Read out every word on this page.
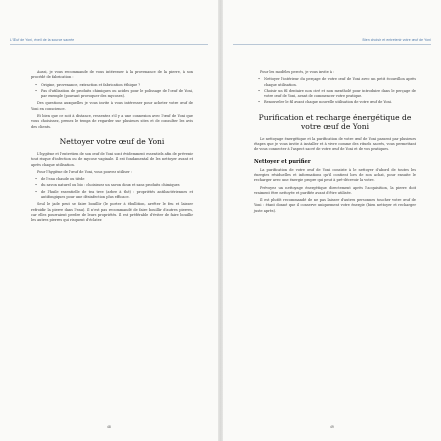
L'Œuf de Yoni, éveil de la source sacrée

Aussi, je vous recommande de vous intéresser à la provenance de la pierre, à son procédé de fabrication :

• Origine, provenance, extraction et fabrication éthique ?
• Pas d'utilisation de produits chimiques ou acides pour le polissage de l'œuf de Yoni, par exemple (pouvant provoquer des mycoses).

Des questions auxquelles je vous invite à vous intéresser pour acheter votre œuf de Yoni en conscience.

Et bien que ce soit à distance, ressentez s'il y a une connexion avec l'œuf de Yoni que vous choisissez, prenez le temps de regarder sur plusieurs sites et de consulter les avis des clients.

Nettoyer votre œuf de Yoni

L'hygiène et l'entretien de son œuf de Yoni sont évidemment essentiels afin de prévenir tout risque d'infection ou de mycose vaginale. Il est fondamental de les nettoyer avant et après chaque utilisation.

Pour l'hygiène de l'œuf de Yoni, vous pouvez utiliser :

• de l'eau chaude ou tiède
• du savon naturel ou bio : choisissez un savon doux et sans produits chimiques
• de l'huile essentielle de tea tree (arbre à thé) : propriétés antibactériennes et antifongiques pour une désinfection plus efficace.

Seul le jade peut se faire bouillir (le porter à ébullition, arrêter le feu et laisser refroidir la pierre dans l'eau). Il n'est pas recommandé de faire bouillir d'autres pierres, car elles pourraient perdre de leurs propriétés. Il est préférable d'éviter de faire bouillir les autres pierres qui risquent d'éclater.

48
Bien choisir et entretenir votre œuf de Yoni

Pour les modèles percés, je vous invite à :

• Nettoyer l'intérieur du perçage de votre œuf de Yoni avec un petit écouvillon après chaque utilisation.
• Choisir un fil dentaire non ciré et non mentholé pour introduire dans le perçage de votre œuf de Yoni, avant de commencer votre pratique.
• Renouveler le fil avant chaque nouvelle utilisation de votre œuf de Yoni.
Purification et recharge énergétique de votre œuf de Yoni

Le nettoyage énergétique et la purification de votre œuf de Yoni passent par plusieurs étapes que je vous invite à installer et à vivre comme des rituels sacrés, vous permettant de vous connecter à l'aspect sacré de votre œuf de Yoni et de vos pratiques.

Nettoyer et purifier

La purification de votre œuf de Yoni consiste à le nettoyer d'abord de toutes les énergies résiduelles et informations qu'il contient lors de son achat, pour ensuite le recharger avec une énergie propre qui peut à pré-décevoir la votre.

Prévoyez un nettoyage énergétique directement après l'acquisition, la pierre doit vraiment être nettoyée et purifiée avant d'être utilisée.

Il est plutôt recommandé de ne pas laisser d'autres personnes toucher votre œuf de Yoni : étant donné que il conserve uniquement votre énergie (bien nettoyer et recharger juste après).

49
